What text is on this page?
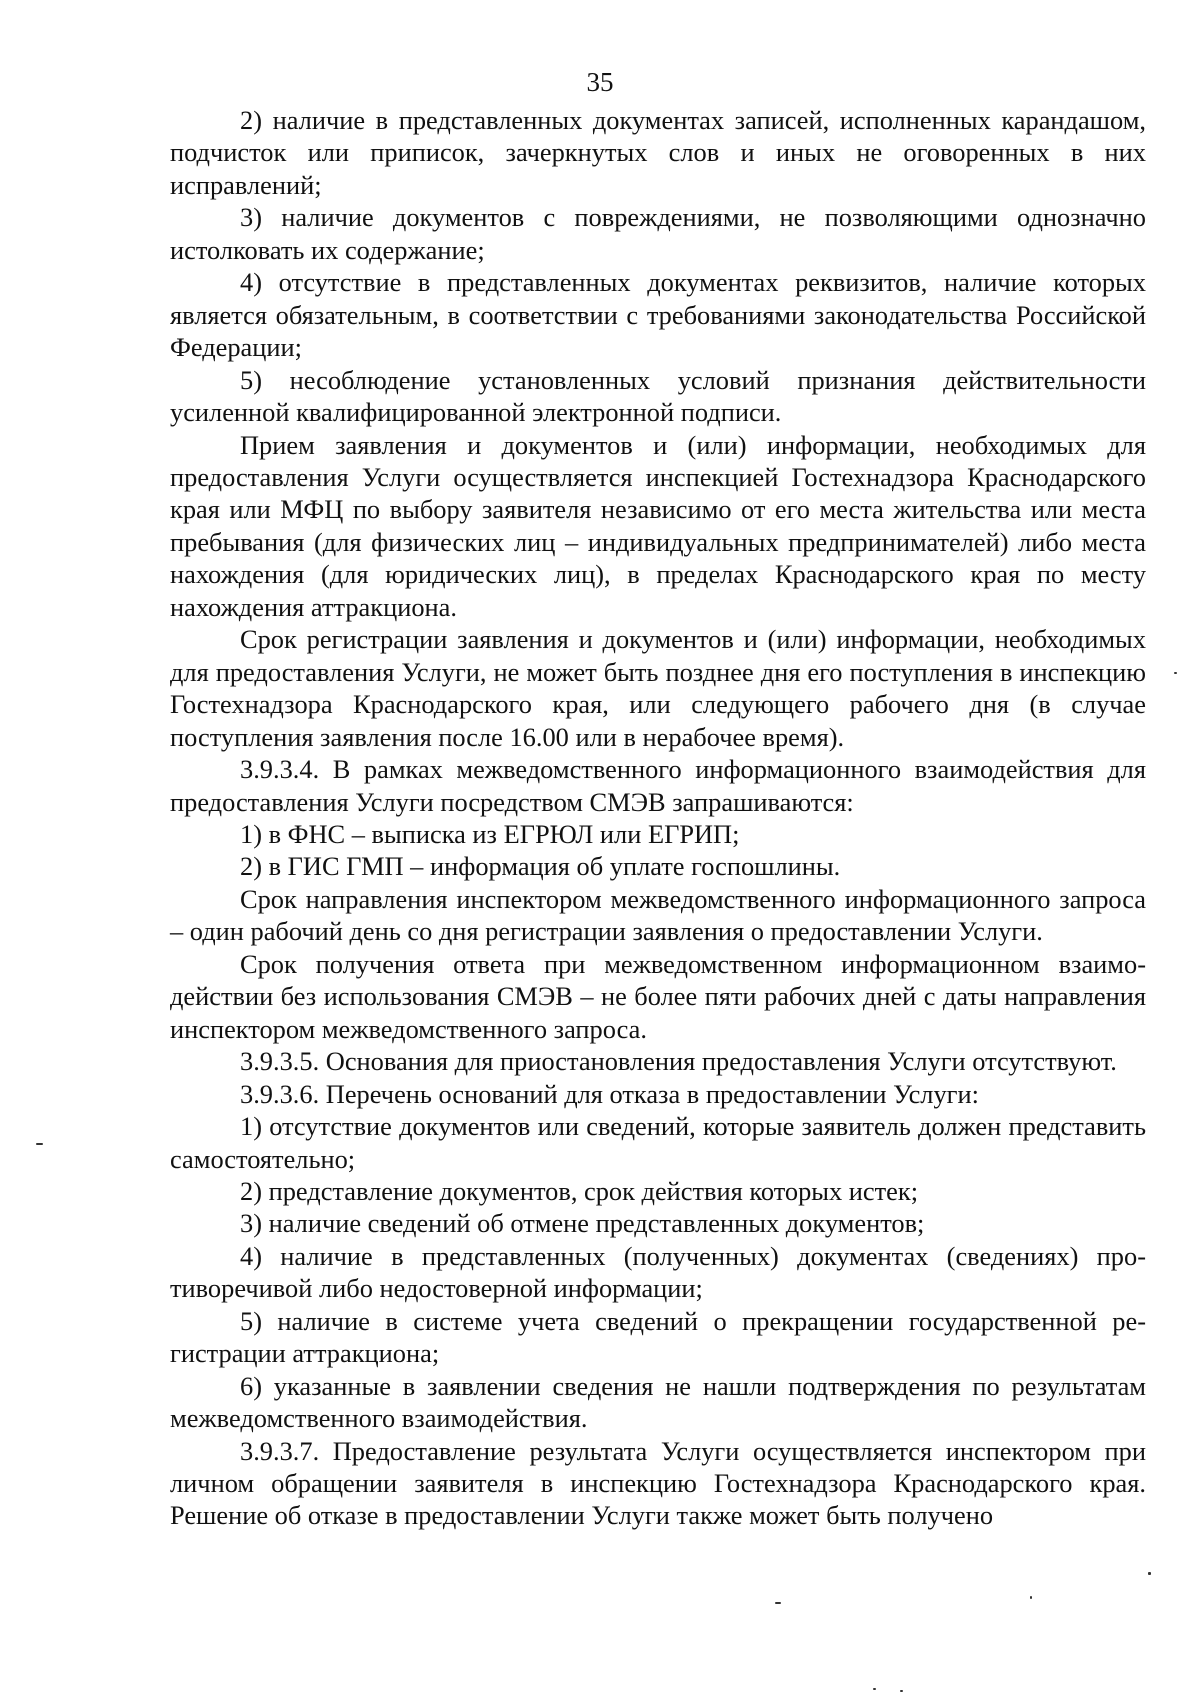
35

2) наличие в представленных документах записей, исполненных карандашом, подчисток или приписок, зачеркнутых слов и иных не оговоренных в них исправлений;

3) наличие документов с повреждениями, не позволяющими однозначно истолковать их содержание;

4) отсутствие в представленных документах реквизитов, наличие которых является обязательным, в соответствии с требованиями законодательства Российской Федерации;

5) несоблюдение установленных условий признания действительности усиленной квалифицированной электронной подписи.

Прием заявления и документов и (или) информации, необходимых для предоставления Услуги осуществляется инспекцией Гостехнадзора Краснодарского края или МФЦ по выбору заявителя независимо от его места жительства или места пребывания (для физических лиц – индивидуальных предпринимателей) либо места нахождения (для юридических лиц), в пределах Краснодарского края по месту нахождения аттракциона.

Срок регистрации заявления и документов и (или) информации, необходимых для предоставления Услуги, не может быть позднее дня его поступления в инспекцию Гостехнадзора Краснодарского края, или следующего рабочего дня (в случае поступления заявления после 16.00 или в нерабочее время).

3.9.3.4. В рамках межведомственного информационного взаимодействия для предоставления Услуги посредством СМЭВ запрашиваются:

1) в ФНС – выписка из ЕГРЮЛ или ЕГРИП;

2) в ГИС ГМП – информация об уплате госпошлины.

Срок направления инспектором межведомственного информационного запроса – один рабочий день со дня регистрации заявления о предоставлении Услуги.

Срок получения ответа при межведомственном информационном взаимодействии без использования СМЭВ – не более пяти рабочих дней с даты направления инспектором межведомственного запроса.

3.9.3.5. Основания для приостановления предоставления Услуги отсутствуют.

3.9.3.6. Перечень оснований для отказа в предоставлении Услуги:

1) отсутствие документов или сведений, которые заявитель должен представить самостоятельно;

2) представление документов, срок действия которых истек;

3) наличие сведений об отмене представленных документов;

4) наличие в представленных (полученных) документах (сведениях) противоречивой либо недостоверной информации;

5) наличие в системе учета сведений о прекращении государственной регистрации аттракциона;

6) указанные в заявлении сведения не нашли подтверждения по результатам межведомственного взаимодействия.

3.9.3.7. Предоставление результата Услуги осуществляется инспектором при личном обращении заявителя в инспекцию Гостехнадзора Краснодарского края. Решение об отказе в предоставлении Услуги также может быть получено
